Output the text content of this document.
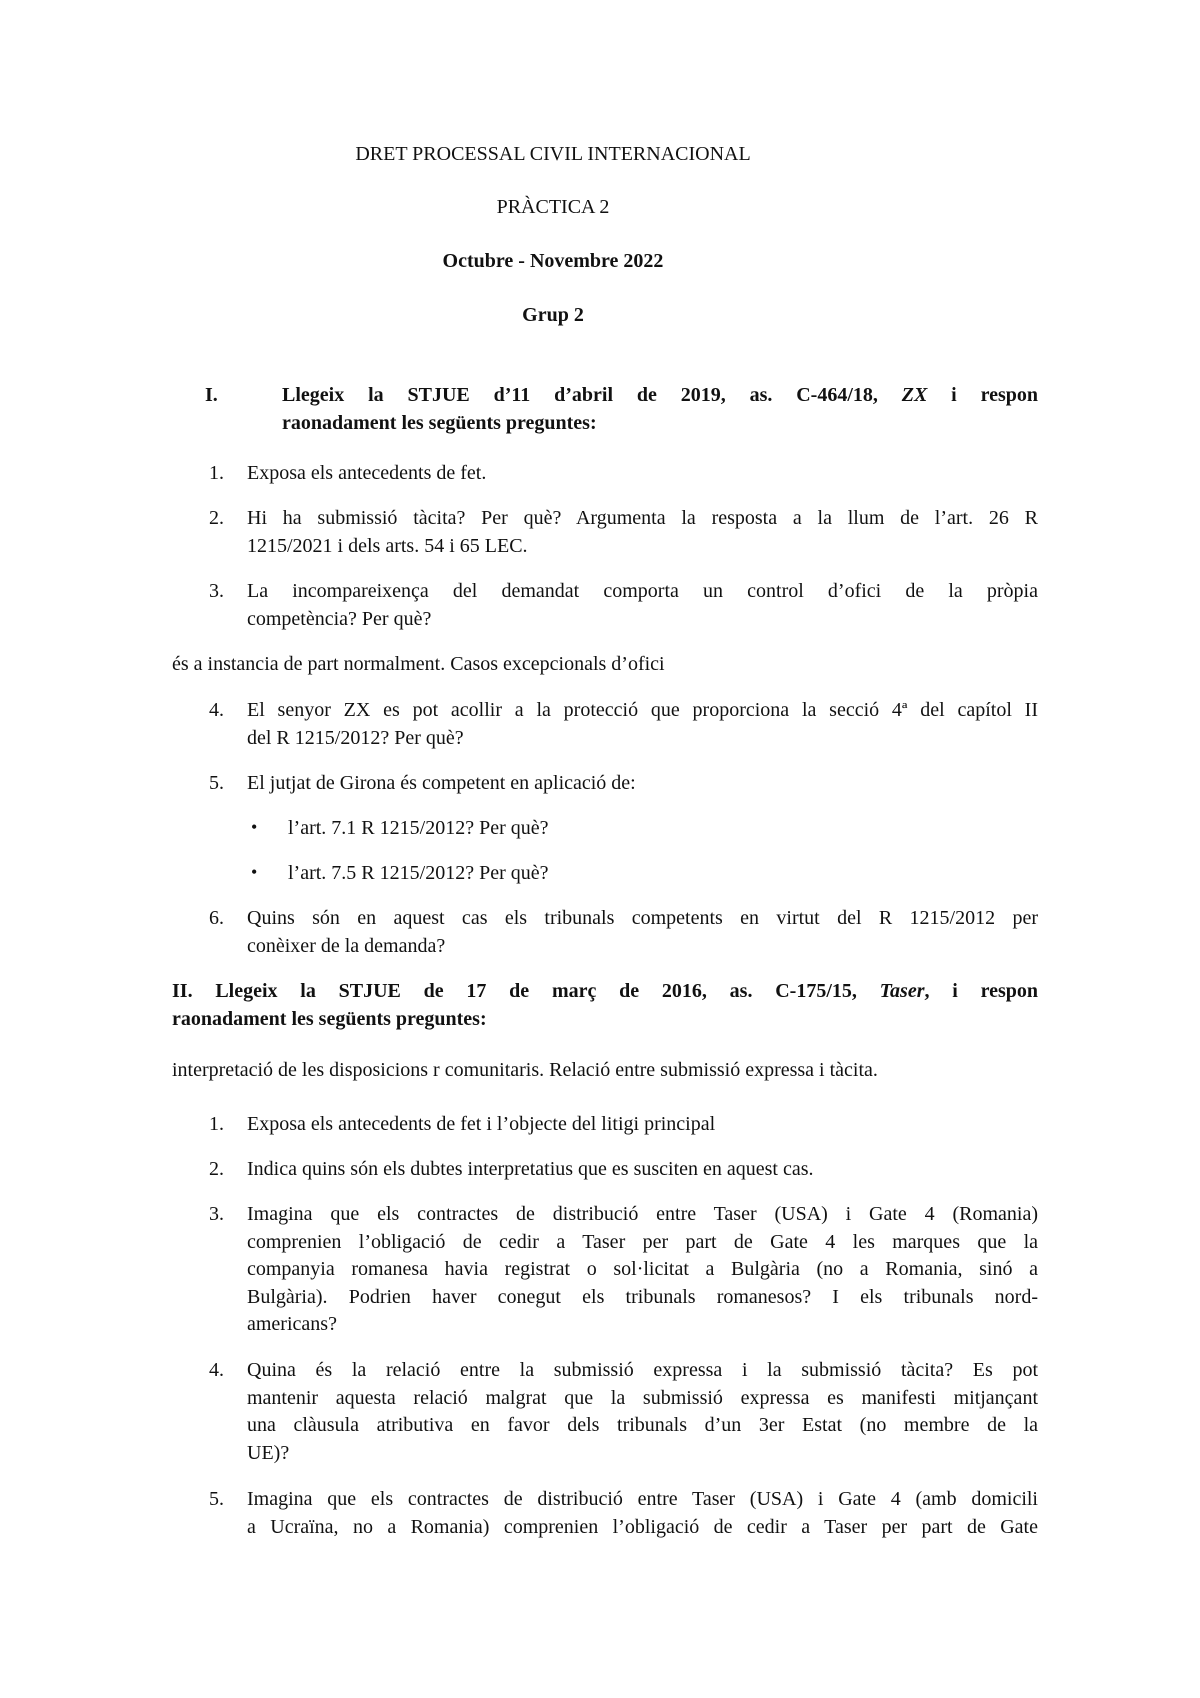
DRET PROCESSAL CIVIL INTERNACIONAL
PRÀCTICA 2
Octubre - Novembre 2022
Grup 2
I.	Llegeix la STJUE d’11 d’abril de 2019, as. C-464/18, ZX i respon
raonadament les següents preguntes:
1. Exposa els antecedents de fet.
2. Hi ha submissió tàcita? Per què? Argumenta la resposta a la llum de l’art. 26 R
1215/2021 i dels arts. 54 i 65 LEC.
3. La incompareixença del demandat comporta un control d’ofici de la pròpia
competència? Per què?
és a instancia de part normalment. Casos excepcionals d’ofici
4. El senyor ZX es pot acollir a la protecció que proporciona la secció 4ª del capítol II
del R 1215/2012? Per què?
5. El jutjat de Girona és competent en aplicació de:
• l’art. 7.1 R 1215/2012? Per què?
• l’art. 7.5 R 1215/2012? Per què?
6. Quins són en aquest cas els tribunals competents en virtut del R 1215/2012 per
conèixer de la demanda?
II. Llegeix la STJUE de 17 de març de 2016, as. C-175/15, Taser, i respon
raonadament les següents preguntes:
interpretació de les disposicions r comunitaris. Relació entre submissió expressa i tàcita.
1. Exposa els antecedents de fet i l’objecte del litigi principal
2. Indica quins són els dubtes interpretatius que es susciten en aquest cas.
3. Imagina que els contractes de distribució entre Taser (USA) i Gate 4 (Romania)
comprenien l’obligació de cedir a Taser per part de Gate 4 les marques que la
companyia romanesa havia registrat o sol·licitat a Bulgària (no a Romania, sinó a
Bulgària). Podrien haver conegut els tribunals romanesos? I els tribunals nord-
americans?
4. Quina és la relació entre la submissió expressa i la submissió tàcita? Es pot
mantenir aquesta relació malgrat que la submissió expressa es manifesti mitjançant
una clàusula atributiva en favor dels tribunals d’un 3er Estat (no membre de la
UE)?
5. Imagina que els contractes de distribució entre Taser (USA) i Gate 4 (amb domicili
a Ucraïna, no a Romania) comprenien l’obligació de cedir a Taser per part de Gate
